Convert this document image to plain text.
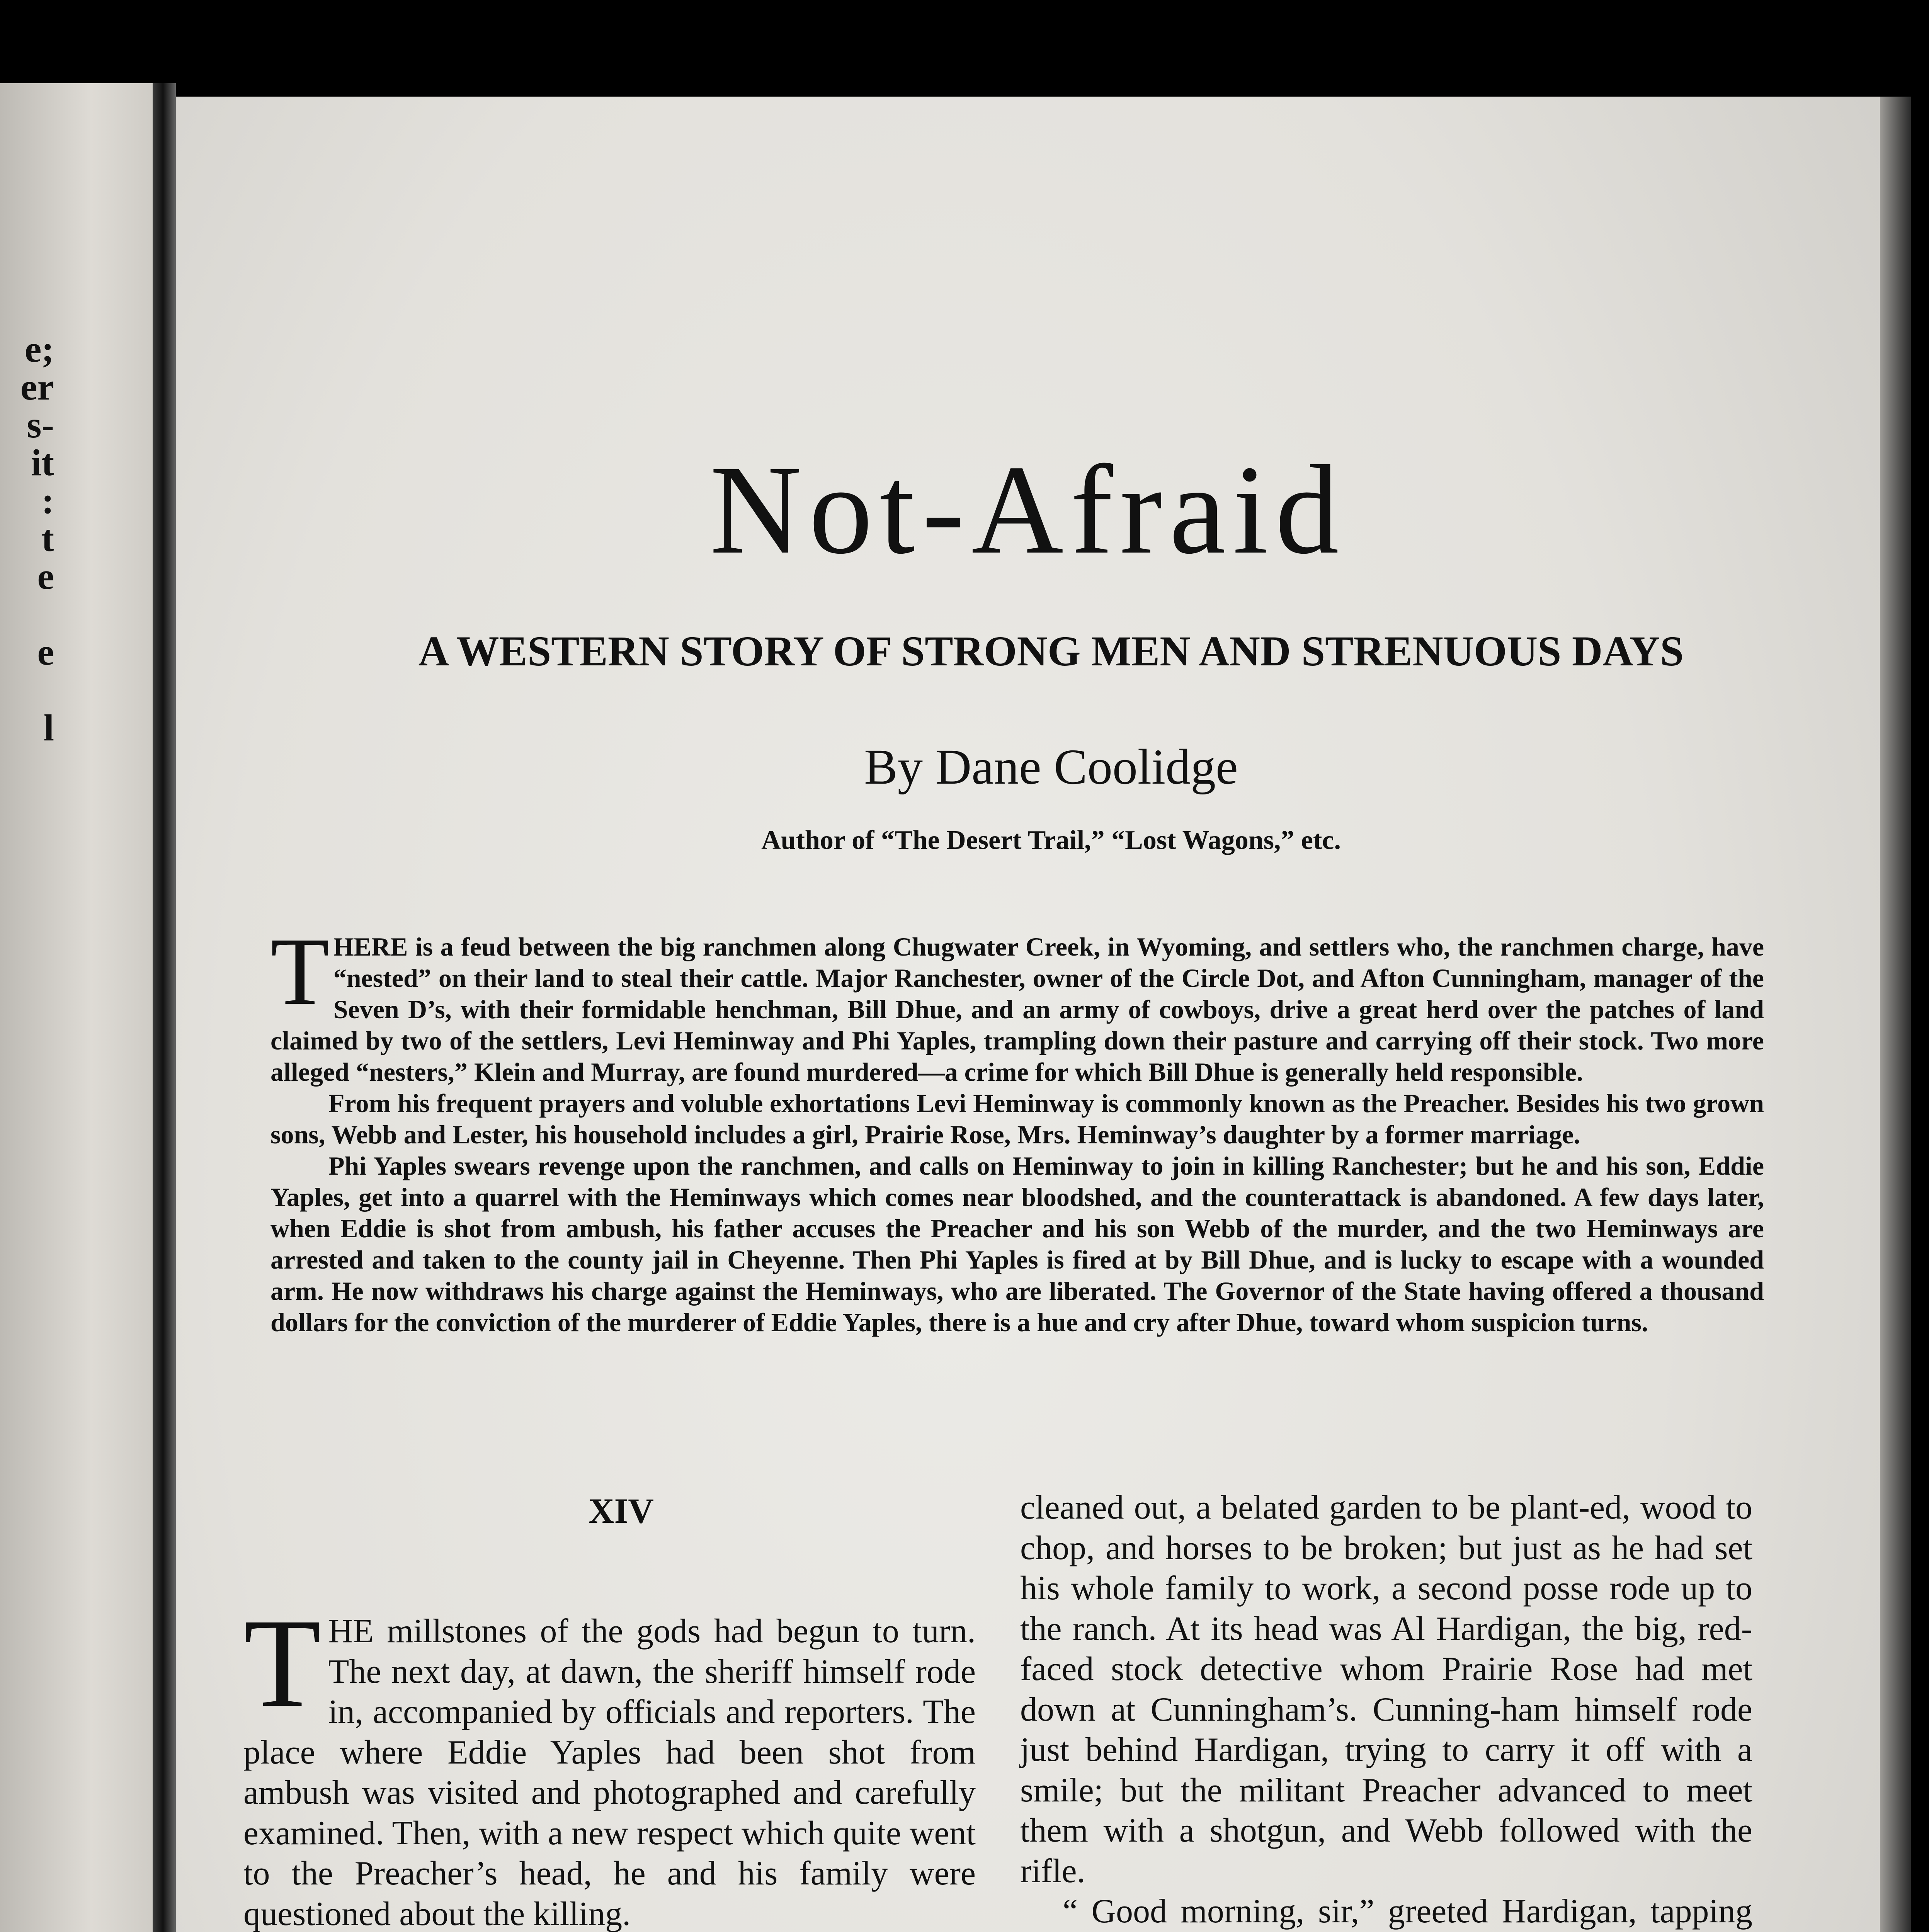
e;
er
s-
it
:
t
e
e
l
Not-Afraid
A WESTERN STORY OF STRONG MEN AND STRENUOUS DAYS
By Dane Coolidge
Author of “The Desert Trail,” “Lost Wagons,” etc.

THERE is a feud between the big ranchmen along Chugwater Creek, in Wyoming, and settlers who, the ranchmen charge, have “nested” on their land to steal their cattle. Major Ranchester, owner of the Circle Dot, and Afton Cunningham, manager of the Seven D’s, with their formidable henchman, Bill Dhue, and an army of cowboys, drive a great herd over the patches of land claimed by two of the settlers, Levi Heminway and Phi Yaples, trampling down their pasture and carrying off their stock. Two more alleged “nesters,” Klein and Murray, are found murdered—a crime for which Bill Dhue is generally held responsible.

From his frequent prayers and voluble exhortations Levi Heminway is commonly known as the Preacher. Besides his two grown sons, Webb and Lester, his household includes a girl, Prairie Rose, Mrs. Heminway’s daughter by a former marriage.

Phi Yaples swears revenge upon the ranchmen, and calls on Heminway to join in killing Ranchester; but he and his son, Eddie Yaples, get into a quarrel with the Heminways which comes near bloodshed, and the counterattack is abandoned. A few days later, when Eddie is shot from ambush, his father accuses the Preacher and his son Webb of the murder, and the two Heminways are arrested and taken to the county jail in Cheyenne. Then Phi Yaples is fired at by Bill Dhue, and is lucky to escape with a wounded arm. He now withdraws his charge against the Heminways, who are liberated. The Governor of the State having offered a thousand dollars for the conviction of the murderer of Eddie Yaples, there is a hue and cry after Dhue, toward whom suspicion turns.

XIV

THE millstones of the gods had begun to turn. The next day, at dawn, the sheriff himself rode in, accompanied by officials and reporters. The place where Eddie Yaples had been shot from ambush was visited and photographed and carefully examined. Then, with a new respect which quite went to the Preacher’s head, he and his family were questioned about the killing.

cleaned out, a belated garden to be plant-ed, wood to chop, and horses to be broken; but just as he had set his whole family to work, a second posse rode up to the ranch. At its head was Al Hardigan, the big, red-faced stock detective whom Prairie Rose had met down at Cunningham’s. Cunning-ham himself rode just behind Hardigan, trying to carry it off with a smile; but the militant Preacher advanced to meet them with a shotgun, and Webb followed with the rifle.

“ Good morning, sir,” greeted Hardigan, tapping
